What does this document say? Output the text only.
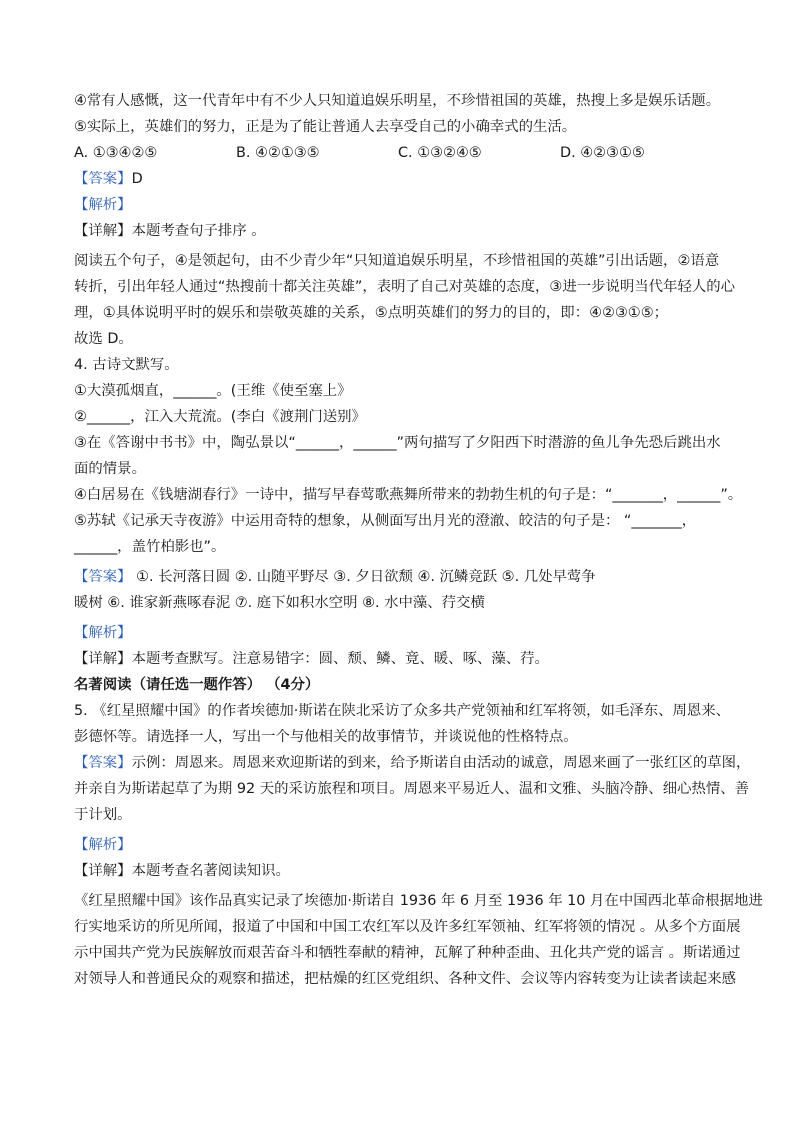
④常有人感慨，这一代青年中有不少人只知道追娱乐明星，不珍惜祖国的英雄，热搜上多是娱乐话题。

⑤实际上，英雄们的努力，正是为了能让普通人去享受自己的小确幸式的生活。

A. ①③④②⑤	B. ④②①③⑤	C. ①③②④⑤	D. ④②③①⑤

【答案】D

【解析】

【详解】本题考查句子排序 。

阅读五个句子，④是领起句，由不少青少年“只知道追娱乐明星，不珍惜祖国的英雄”引出话题，②语意

转折，引出年轻人通过“热搜前十都关注英雄”，表明了自己对英雄的态度，③进一步说明当代年轻人的心

理，①具体说明平时的娱乐和崇敬英雄的关系，⑤点明英雄们的努力的目的，即：④②③①⑤；

故选 D。

4. 古诗文默写。

①大漠孤烟直，______。(王维《使至塞上》

②______，江入大荒流。(李白《渡荆门送别》

③在《答谢中书书》中，陶弘景以“______，______”两句描写了夕阳西下时潜游的鱼儿争先恐后跳出水

面的情景。

④白居易在《钱塘湖春行》一诗中，描写早春莺歌燕舞所带来的勃勃生机的句子是：“_______，______”。

⑤苏轼《记承天寺夜游》中运用奇特的想象，从侧面写出月光的澄澈、皎洁的句子是： “_______，

______，盖竹柏影也”。

【答案】 ①. 长河落日圆 ②. 山随平野尽 ③. 夕日欲颓 ④. 沉鳞竞跃 ⑤. 几处早莺争

暖树 ⑥. 谁家新燕啄春泥 ⑦. 庭下如积水空明 ⑧. 水中藻、荇交横

【解析】

【详解】本题考查默写。注意易错字：圆、颓、鳞、竟、暖、啄、藻、荇。

名著阅读（请任选一题作答） （4分）

5. 《红星照耀中国》的作者埃德加·斯诺在陕北采访了众多共产党领袖和红军将领，如毛泽东、周恩来、

彭德怀等。请选择一人，写出一个与他相关的故事情节，并谈说他的性格特点。

【答案】示例：周恩来。周恩来欢迎斯诺的到来，给予斯诺自由活动的诚意，周恩来画了一张红区的草图，

并亲自为斯诺起草了为期 92 天的采访旅程和项目。周恩来平易近人、温和文雅、头脑冷静、细心热情、善

于计划。

【解析】

【详解】本题考查名著阅读知识。

《红星照耀中国》该作品真实记录了埃德加·斯诺自 1936 年 6 月至 1936 年 10 月在中国西北革命根据地进

行实地采访的所见所闻，报道了中国和中国工农红军以及许多红军领袖、红军将领的情况 。从多个方面展

示中国共产党为民族解放而艰苦奋斗和牺牲奉献的精神，瓦解了种种歪曲、丑化共产党的谣言 。斯诺通过

对领导人和普通民众的观察和描述，把枯燥的红区党组织、各种文件、会议等内容转变为让读者读起来感
